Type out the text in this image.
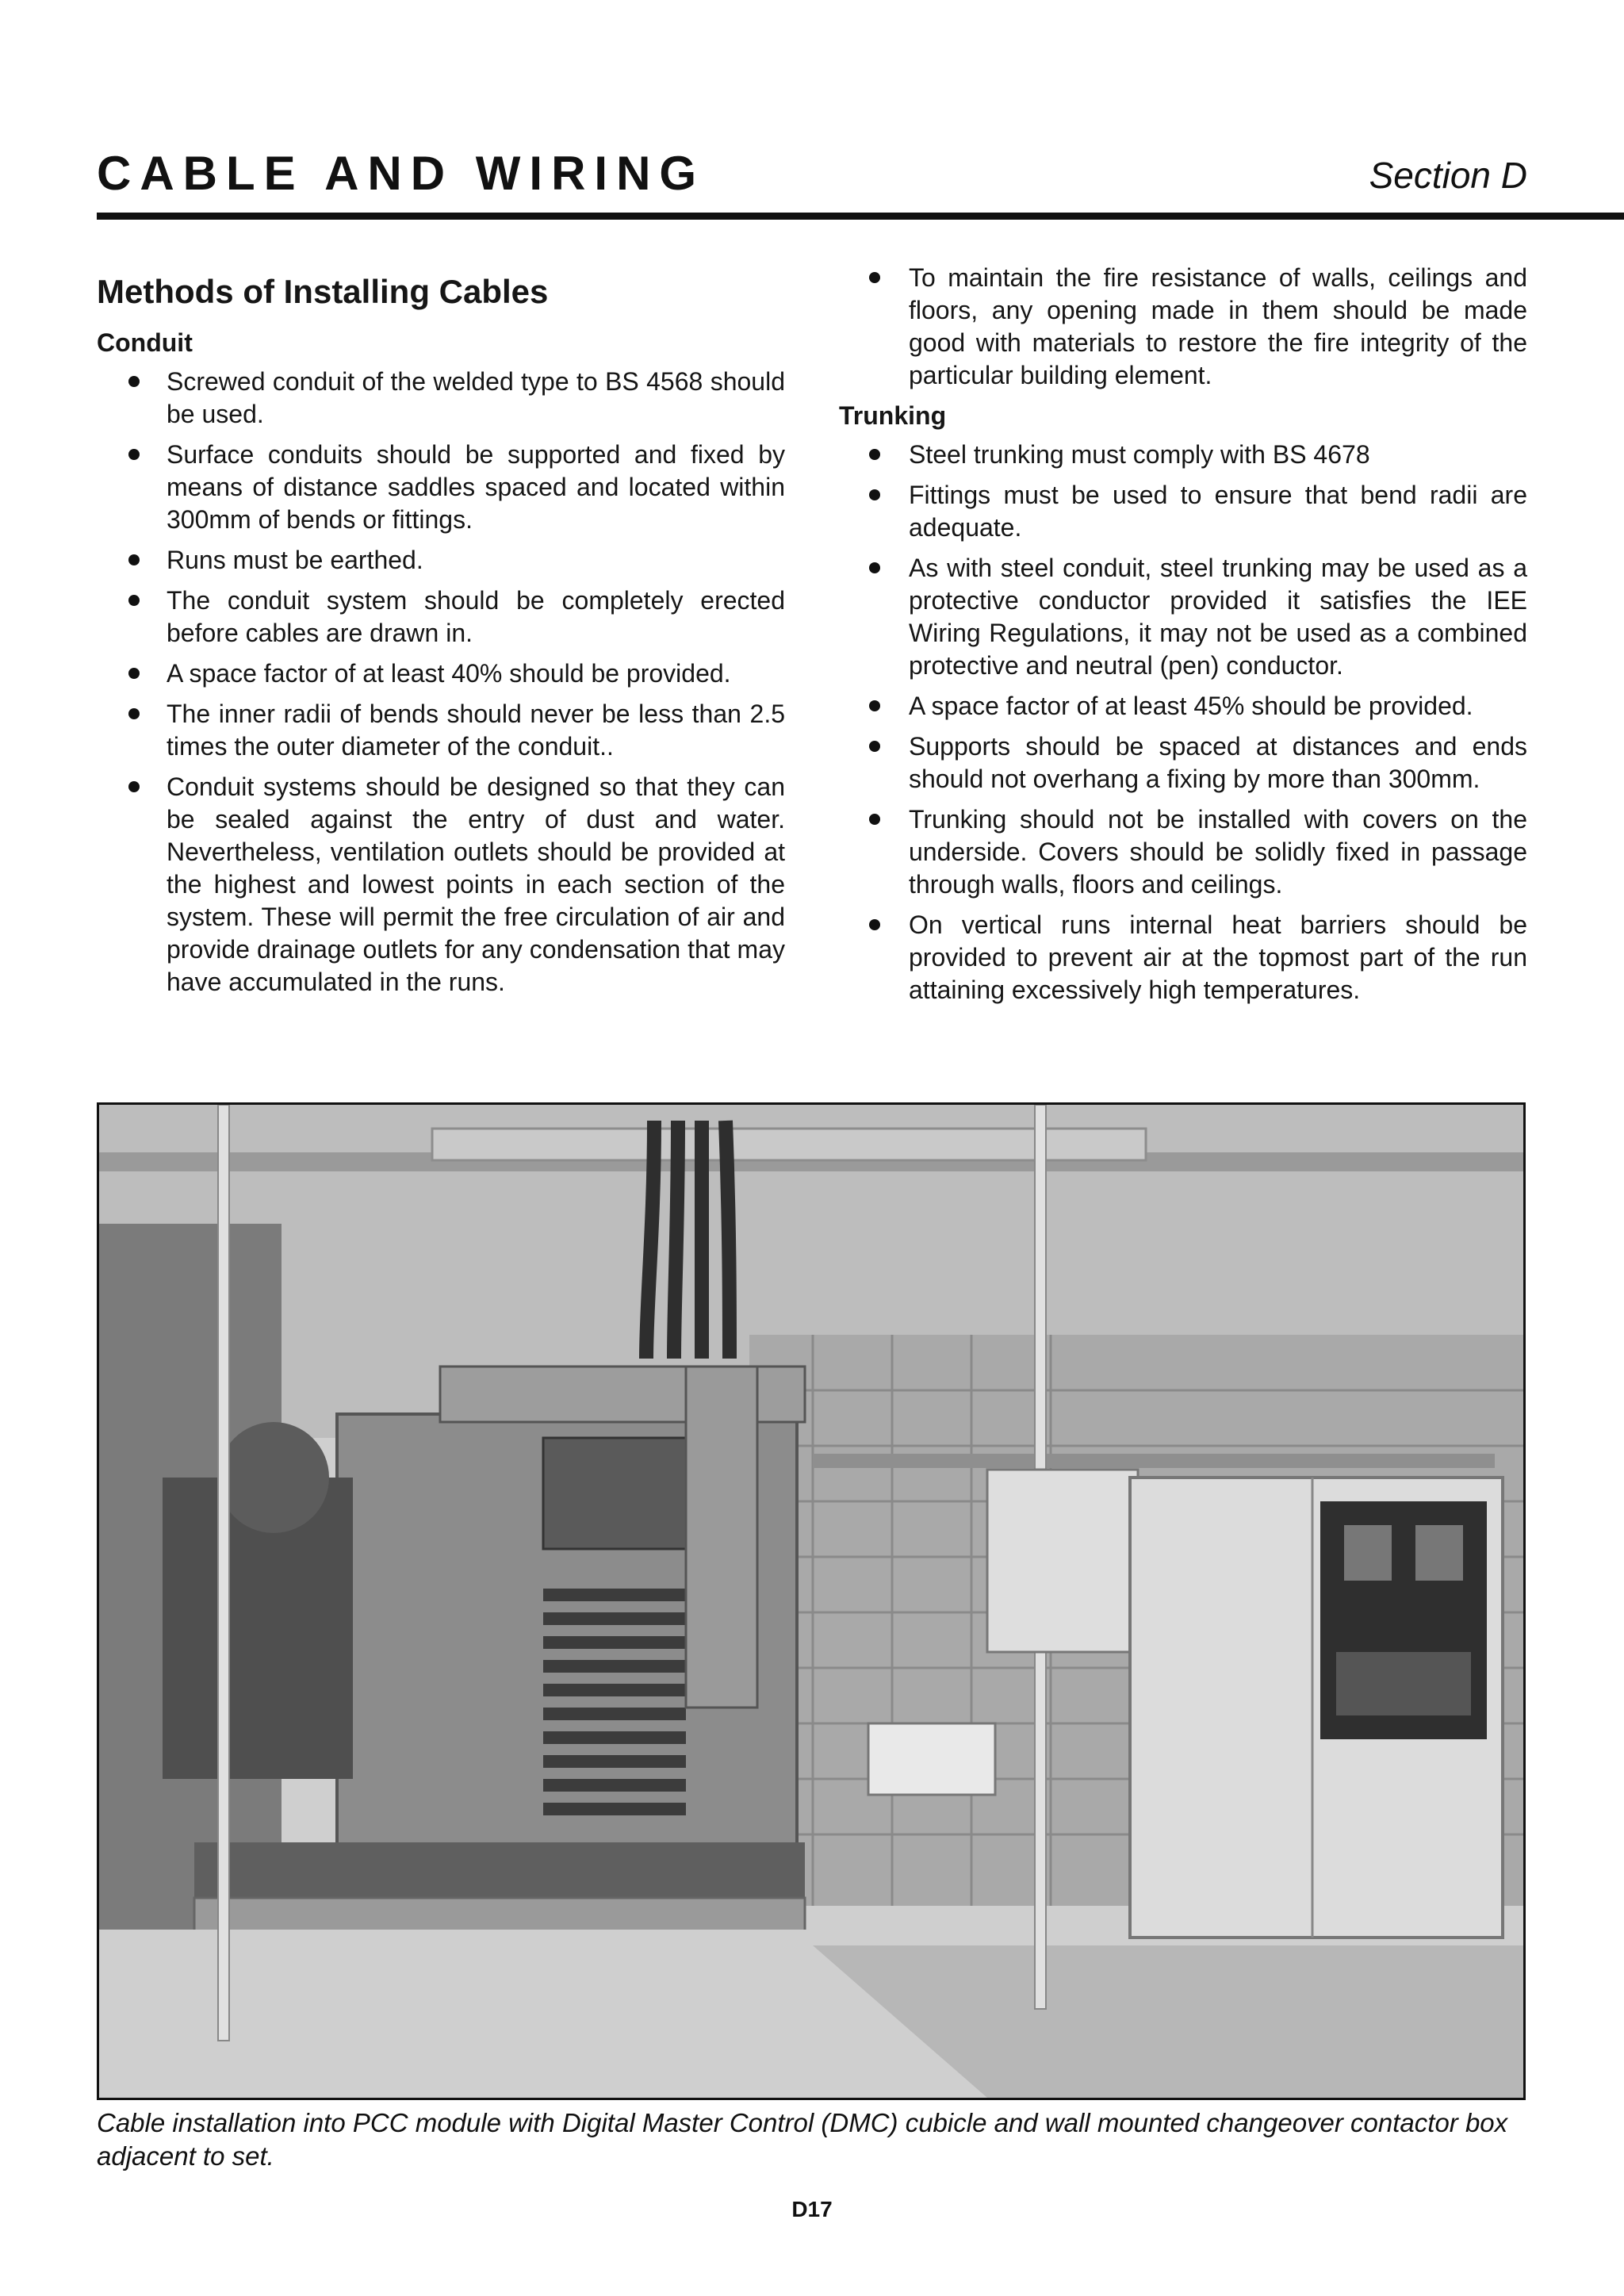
CABLE AND WIRING	Section D
Methods of Installing Cables
Conduit
Screwed conduit of the welded type to BS 4568 should be used.
Surface conduits should be supported and fixed by means of distance saddles spaced and located within 300mm of bends or fittings.
Runs must be earthed.
The conduit system should be completely erected before cables are drawn in.
A space factor of at least 40% should be provided.
The inner radii of bends should never be less than 2.5 times the outer diameter of the conduit..
Conduit systems should be designed so that they can be sealed against the entry of dust and water. Nevertheless, ventilation outlets should be provided at the highest and lowest points in each section of the system. These will permit the free circulation of air and provide drainage outlets for any condensation that may have accumulated in the runs.
To maintain the fire resistance of walls, ceilings and floors, any opening made in them should be made good with materials to restore the fire integrity of the particular building element.
Trunking
Steel trunking must comply with BS 4678
Fittings must be used to ensure that bend radii are adequate.
As with steel conduit, steel trunking may be used as a protective conductor provided it satisfies the IEE Wiring Regulations, it may not be used as a combined protective and neutral (pen) conductor.
A space factor of at least 45% should be provided.
Supports should be spaced at distances and ends should not overhang a fixing by more than 300mm.
Trunking should not be installed with covers on the underside. Covers should be solidly fixed in passage through walls, floors and ceilings.
On vertical runs internal heat barriers should be provided to prevent air at the topmost part of the run attaining excessively high temperatures.
Cable installation into PCC module with Digital Master Control (DMC) cubicle and wall mounted changeover contactor box adjacent to set.
D17
